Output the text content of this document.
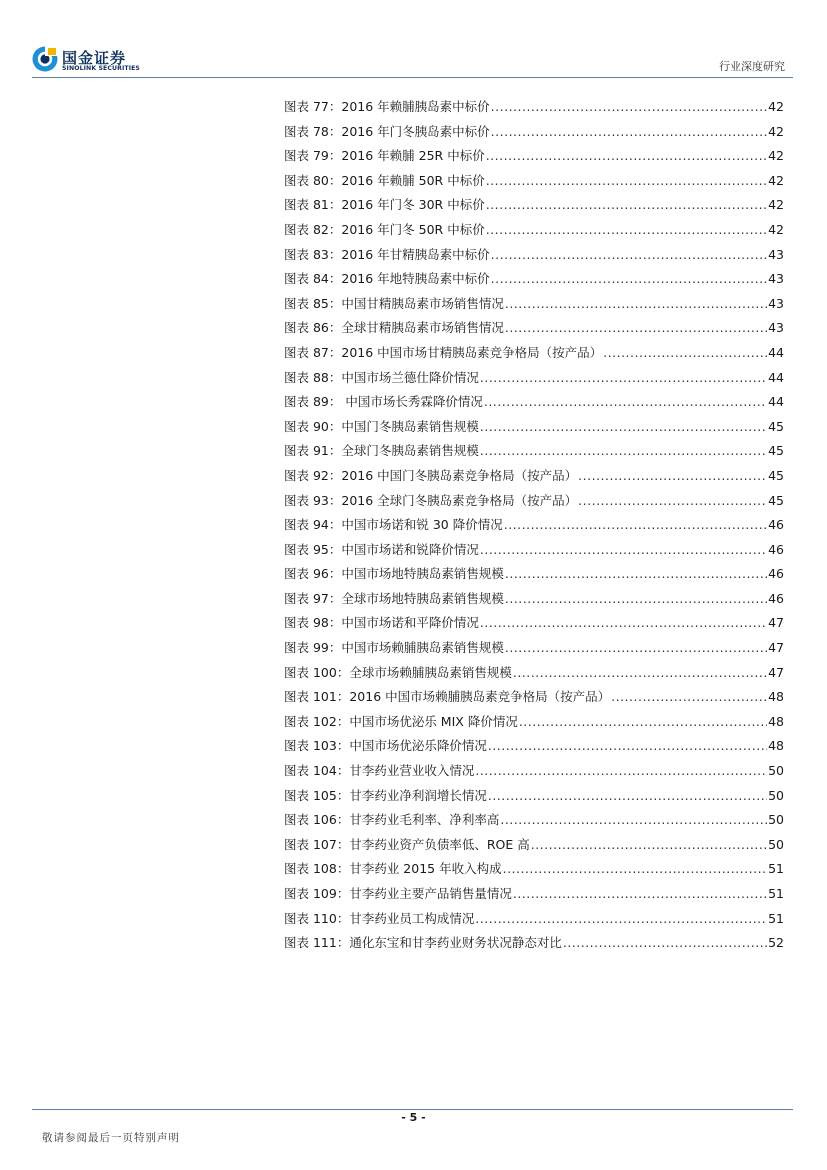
国金证券
SINOLINK SECURITIES	行业深度研究
图表 77：2016 年赖脯胰岛素中标价 .....	42
图表 78：2016 年门冬胰岛素中标价 .....	42
图表 79：2016 年赖脯 25R 中标价 .....	42
图表 80：2016 年赖脯 50R 中标价 .....	42
图表 81：2016 年门冬 30R 中标价 .....	42
图表 82：2016 年门冬 50R 中标价 .....	42
图表 83：2016 年甘精胰岛素中标价 .....	43
图表 84：2016 年地特胰岛素中标价 .....	43
图表 85：中国甘精胰岛素市场销售情况 .....	43
图表 86：全球甘精胰岛素市场销售情况 .....	43
图表 87：2016 中国市场甘精胰岛素竞争格局（按产品） .....	44
图表 88：中国市场兰德仕降价情况 .....	44
图表 89： 中国市场长秀霖降价情况 .....	44
图表 90：中国门冬胰岛素销售规模 .....	45
图表 91：全球门冬胰岛素销售规模 .....	45
图表 92：2016 中国门冬胰岛素竞争格局（按产品） .....	45
图表 93：2016 全球门冬胰岛素竞争格局（按产品） .....	45
图表 94：中国市场诺和锐 30 降价情况 .....	46
图表 95：中国市场诺和锐降价情况 .....	46
图表 96：中国市场地特胰岛素销售规模 .....	46
图表 97：全球市场地特胰岛素销售规模 .....	46
图表 98：中国市场诺和平降价情况 .....	47
图表 99：中国市场赖脯胰岛素销售规模 .....	47
图表 100：全球市场赖脯胰岛素销售规模 .....	47
图表 101：2016 中国市场赖脯胰岛素竞争格局（按产品） .....	48
图表 102：中国市场优泌乐 MIX 降价情况 .....	48
图表 103：中国市场优泌乐降价情况 .....	48
图表 104：甘李药业营业收入情况 .....	50
图表 105：甘李药业净利润增长情况 .....	50
图表 106：甘李药业毛利率、净利率高 .....	50
图表 107：甘李药业资产负债率低、ROE 高 .....	50
图表 108：甘李药业 2015 年收入构成 .....	51
图表 109：甘李药业主要产品销售量情况 .....	51
图表 110：甘李药业员工构成情况 .....	51
图表 111：通化东宝和甘李药业财务状况静态对比 .....	52
- 5 -
敬请参阅最后一页特别声明
